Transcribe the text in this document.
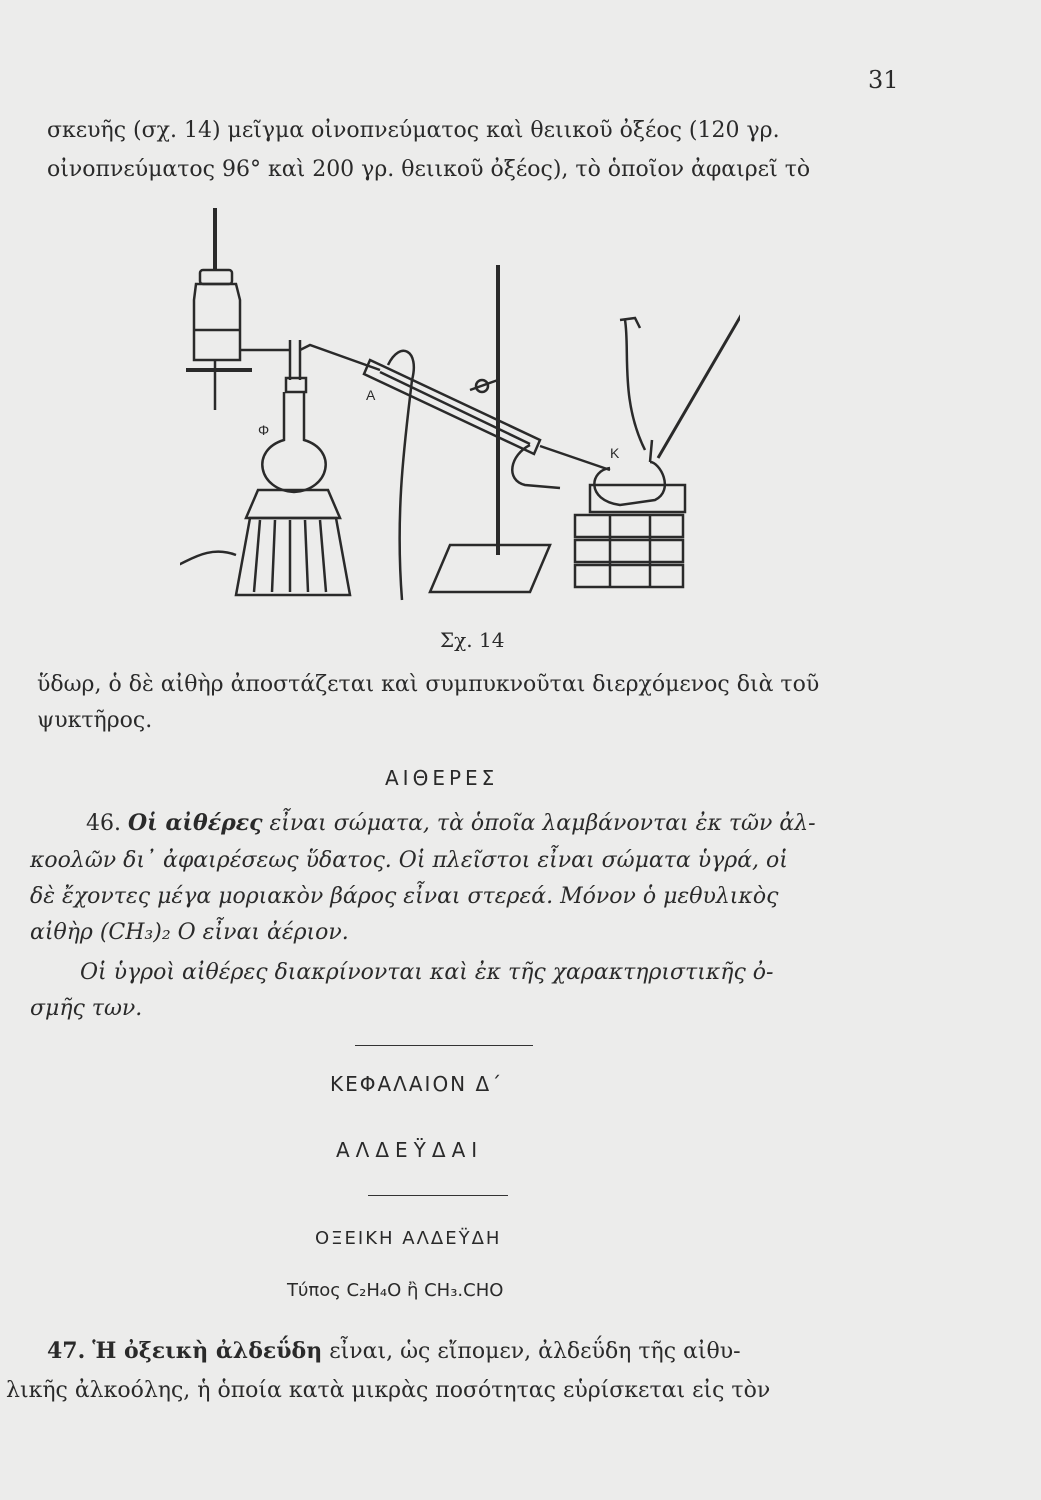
31
σκευῆς (σχ. 14) μεῖγμα οἰνοπνεύματος καὶ θειικοῦ ὀξέος (120 γρ.
οἰνοπνεύματος 96° καὶ 200 γρ. θειικοῦ ὀξέος), τὸ ὁποῖον ἀφαιρεῖ τὸ
Α
Φ
Κ
Σχ. 14
ὕδωρ, ὁ δὲ αἰθὴρ ἀποστάζεται καὶ συμπυκνοῦται διερχόμενος διὰ τοῦ
ψυκτῆρος.
ΑΙΘΕΡΕΣ
46. Οἱ αἰθέρες εἶναι σώματα, τὰ ὁποῖα λαμβάνονται ἐκ τῶν ἀλ-
κοολῶν δι᾽ ἀφαιρέσεως ὕδατος. Οἱ πλεῖστοι εἶναι σώματα ὑγρά, οἱ
δὲ ἔχοντες μέγα μοριακὸν βάρος εἶναι στερεά. Μόνον ὁ μεθυλικὸς
αἰθὴρ (CH₃)₂ O εἶναι ἀέριον.
Οἱ ὑγροὶ αἰθέρες διακρίνονται καὶ ἐκ τῆς χαρακτηριστικῆς ὀ-
σμῆς των.
ΚΕΦΑΛΑΙΟΝ Δ΄
ΑΛΔΕΫΔΑΙ
ΟΞΕΙΚΗ ΑΛΔΕΫΔΗ
Τύπος C₂H₄O ἢ CH₃.CHO
47. Ἡ ὀξεικὴ ἀλδεΰδη εἶναι, ὡς εἴπομεν, ἀλδεΰδη τῆς αἰθυ-
λικῆς ἀλκοόλης, ἡ ὁποία κατὰ μικρὰς ποσότητας εὑρίσκεται εἰς τὸν
